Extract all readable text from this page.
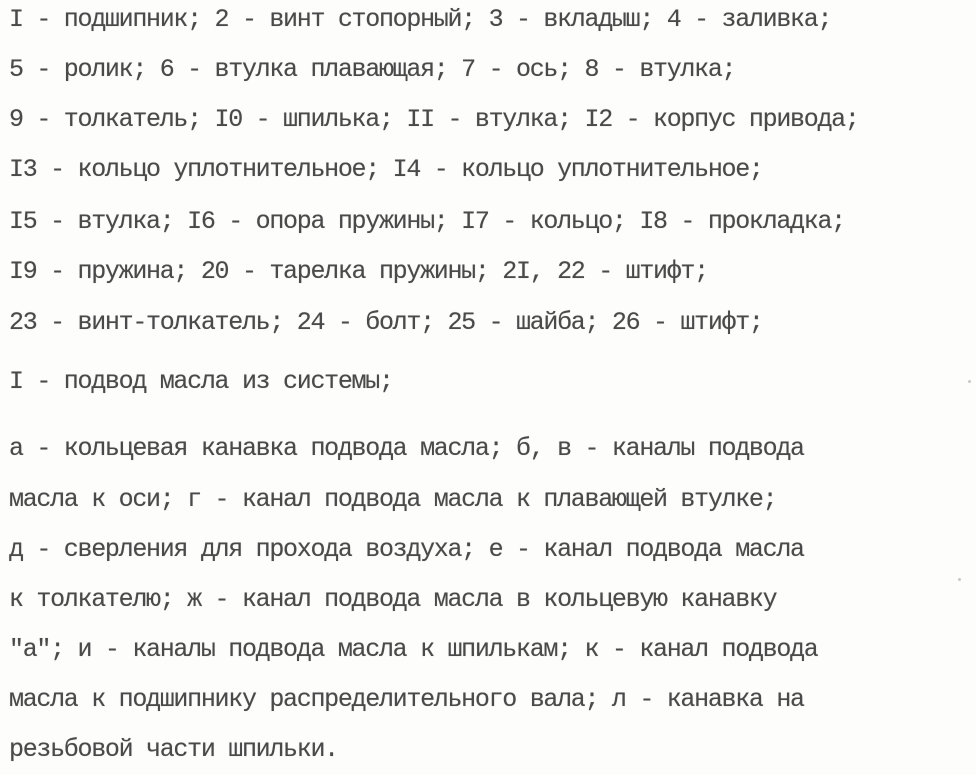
I - подшипник; 2 - винт стопорный; 3 - вкладыш; 4 - заливка;

5 - ролик; 6 - втулка плавающая; 7 - ось; 8 - втулка;

9 - толкатель; I0 - шпилька; II - втулка; I2 - корпус привода;

I3 - кольцо уплотнительное; I4 - кольцо уплотнительное;

I5 - втулка; I6 - опора пружины; I7 - кольцо; I8 - прокладка;

I9 - пружина; 20 - тарелка пружины; 2I, 22 - штифт;

23 - винт-толкатель; 24 - болт; 25 - шайба; 26 - штифт;

I - подвод масла из системы;

а - кольцевая канавка подвода масла; б, в - каналы подвода

масла к оси; г - канал подвода масла к плавающей втулке;

д - сверления для прохода воздуха; е - канал подвода масла

к толкателю; ж - канал подвода масла в кольцевую канавку

"а"; и - каналы подвода масла к шпилькам; к - канал подвода

масла к подшипнику распределительного вала; л - канавка на

резьбовой части шпильки.
